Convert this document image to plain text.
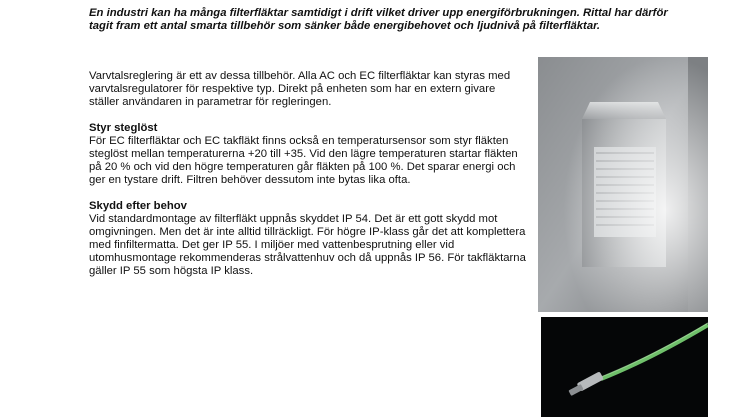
En industri kan ha många filterfläktar samtidigt i drift vilket driver upp energiförbrukningen. Rittal har därför tagit fram ett antal smarta tillbehör som sänker både energibehovet och ljudnivå på filterfläktar.

Varvtalsreglering är ett av dessa tillbehör. Alla AC och EC filterfläktar kan styras med varvtalsregulatorer för respektive typ. Direkt på enheten som har en extern givare ställer användaren in parametrar för regleringen.

Styr steglöst

För EC filterfläktar och EC takfläkt finns också en temperatursensor som styr fläkten steglöst mellan temperaturerna +20 till +35. Vid den lägre temperaturen startar fläkten på 20 % och vid den högre temperaturen går fläkten på 100 %. Det sparar energi och ger en tystare drift. Filtren behöver dessutom inte bytas lika ofta.

Skydd efter behov

Vid standardmontage av filterfläkt uppnås skyddet IP 54. Det är ett gott skydd mot omgivningen. Men det är inte alltid tillräckligt. För högre IP-klass går det att komplettera med finfiltermatta. Det ger IP 55. I miljöer med vattenbesprutning eller vid utomhusmontage rekommenderas strålvattenhuv och då uppnås IP 56. För takfläktarna gäller IP 55 som högsta IP klass.
